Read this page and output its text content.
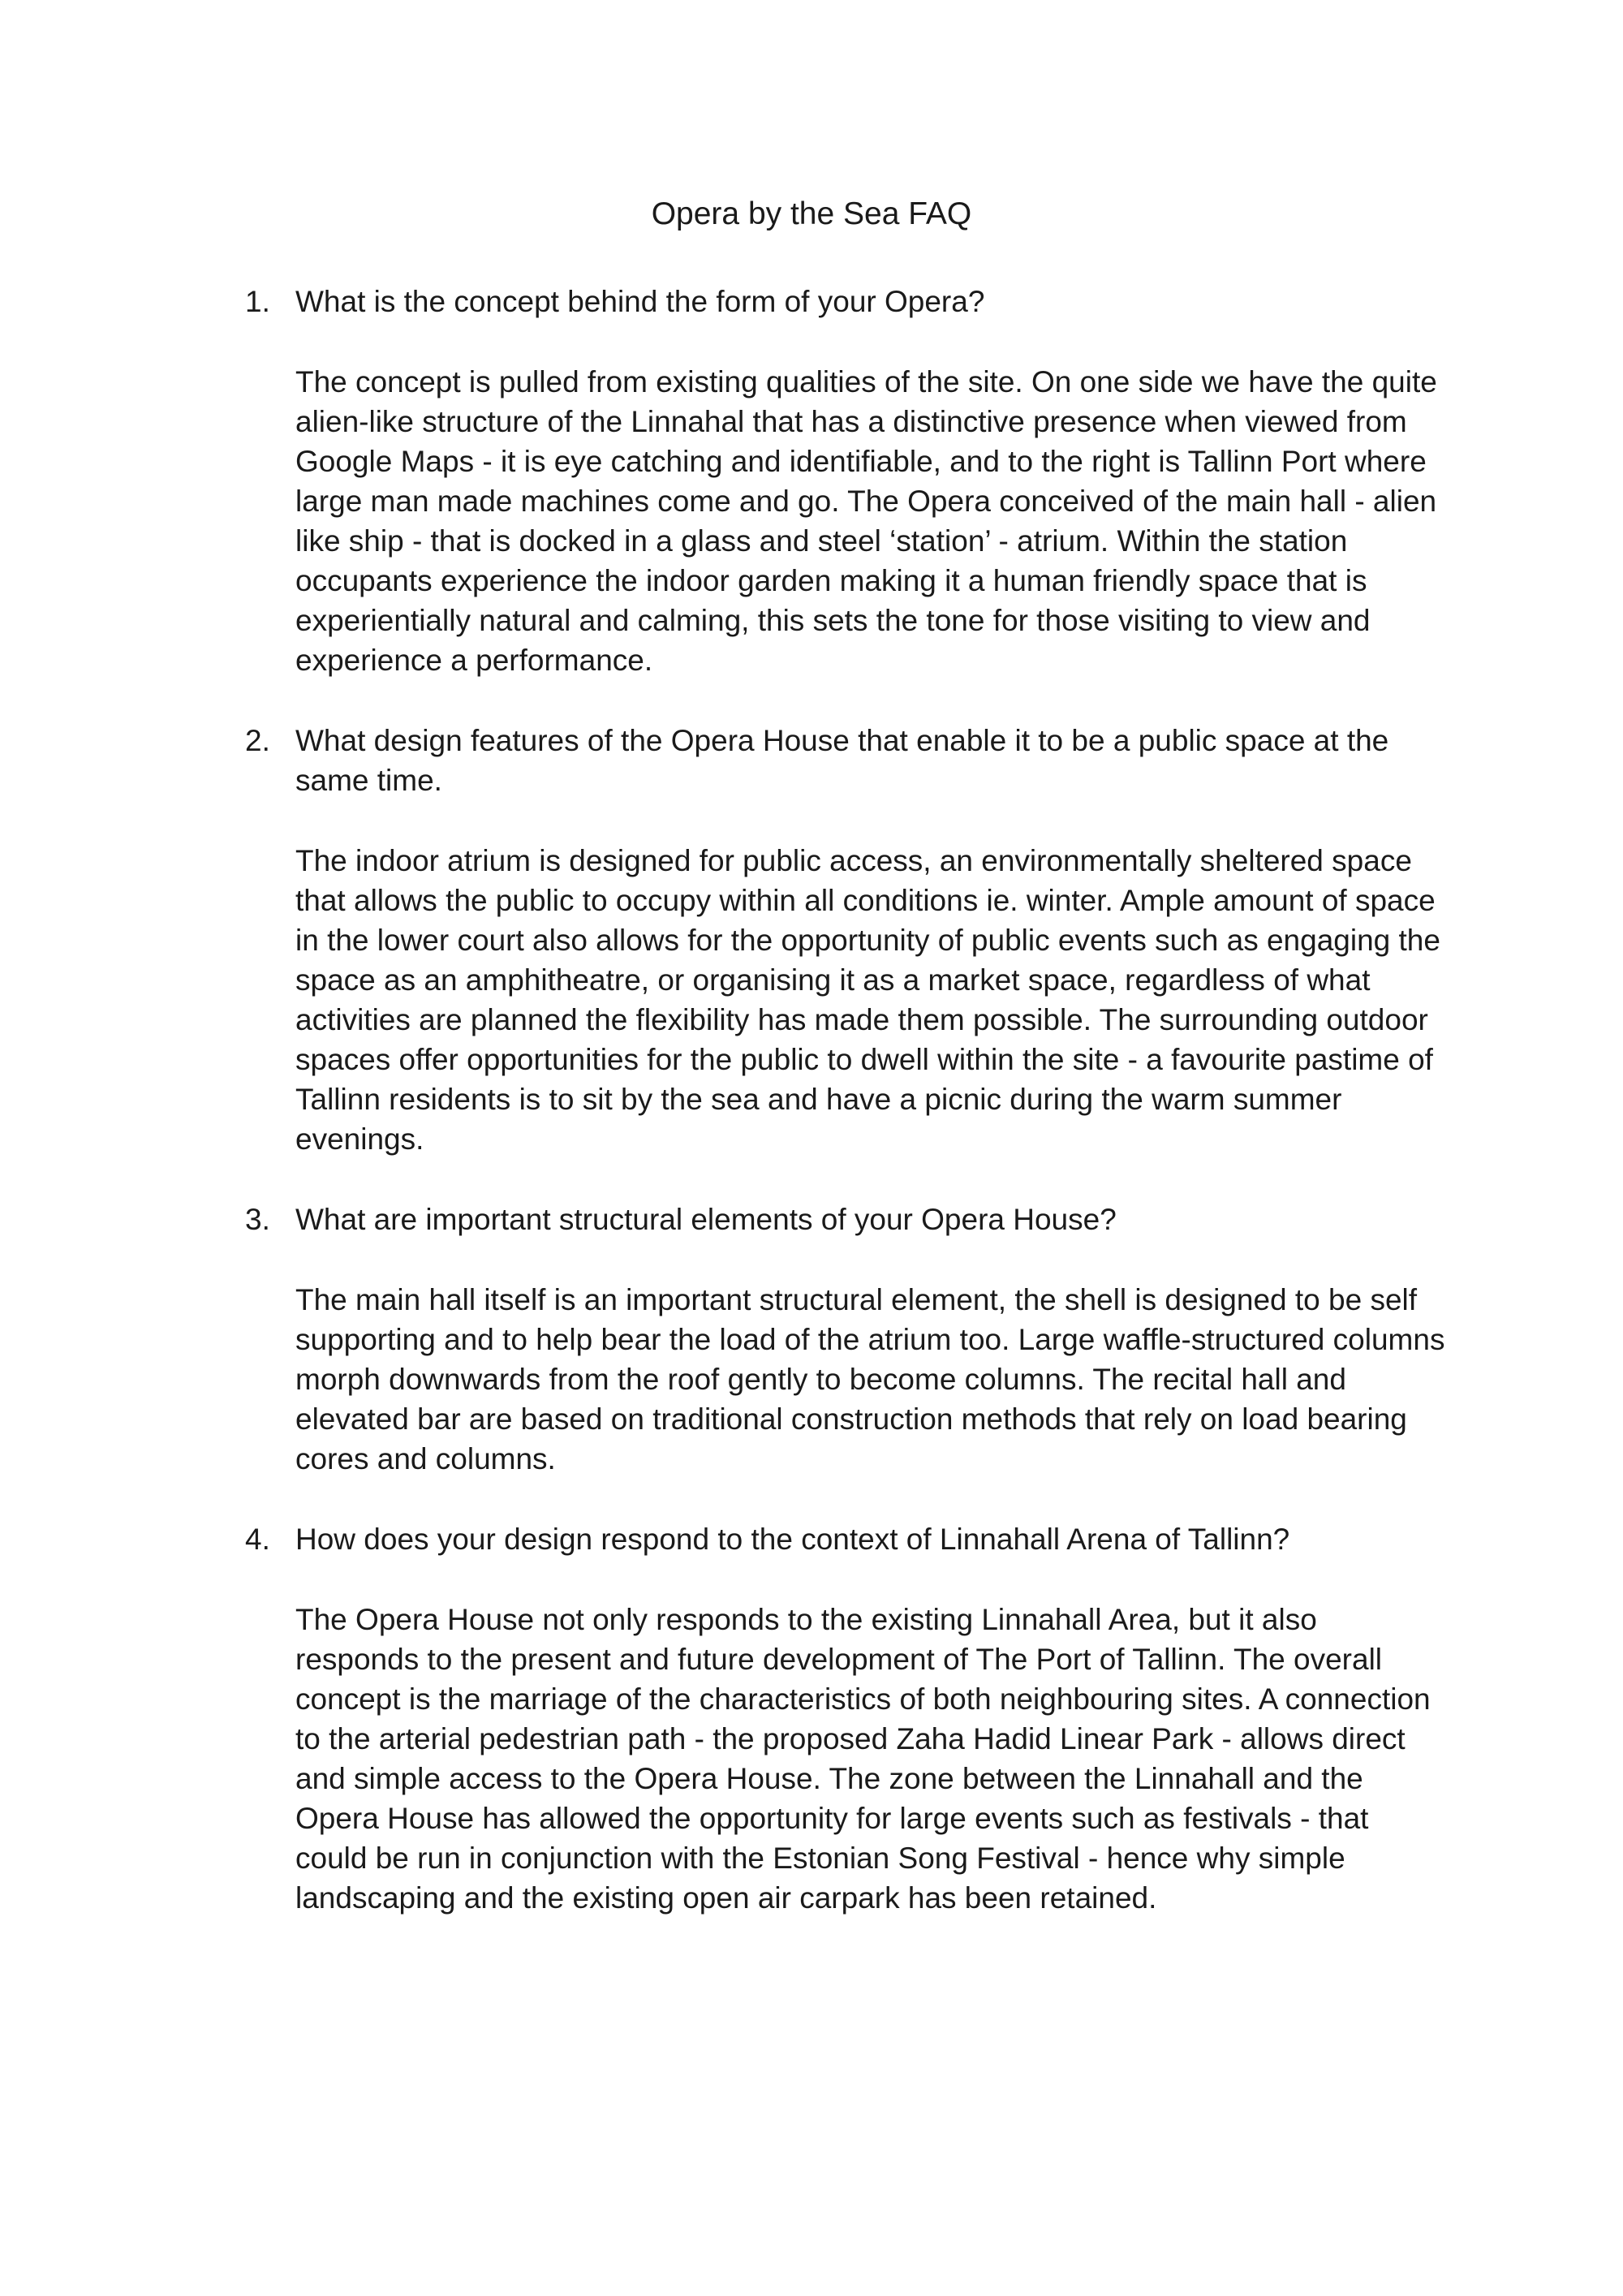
Opera by the Sea FAQ
1. What is the concept behind the form of your Opera?

The concept is pulled from existing qualities of the site. On one side we have the quite alien-like structure of the Linnahal that has a distinctive presence when viewed from Google Maps - it is eye catching and identifiable, and to the right is Tallinn Port where large man made machines come and go. The Opera conceived of the main hall - alien like ship - that is docked in a glass and steel ‘station’ - atrium. Within the station occupants experience the indoor garden making it a human friendly space that is experientially natural and calming, this sets the tone for those visiting to view and experience a performance.

2. What design features of the Opera House that enable it to be a public space at the same time.

The indoor atrium is designed for public access, an environmentally sheltered space that allows the public to occupy within all conditions ie. winter. Ample amount of space in the lower court also allows for the opportunity of public events such as engaging the space as an amphitheatre, or organising it as a market space, regardless of what activities are planned the flexibility has made them possible. The surrounding outdoor spaces offer opportunities for the public to dwell within the site - a favourite pastime of Tallinn residents is to sit by the sea and have a picnic during the warm summer evenings.

3. What are important structural elements of your Opera House?

The main hall itself is an important structural element, the shell is designed to be self supporting and to help bear the load of the atrium too. Large waffle-structured columns morph downwards from the roof gently to become columns. The recital hall and elevated bar are based on traditional construction methods that rely on load bearing cores and columns.

4. How does your design respond to the context of Linnahall Arena of Tallinn?

The Opera House not only responds to the existing Linnahall Area, but it also responds to the present and future development of The Port of Tallinn. The overall concept is the marriage of the characteristics of both neighbouring sites. A connection to the arterial pedestrian path - the proposed Zaha Hadid Linear Park - allows direct and simple access to the Opera House. The zone between the Linnahall and the Opera House has allowed the opportunity for large events such as festivals - that could be run in conjunction with the Estonian Song Festival - hence why simple landscaping and the existing open air carpark has been retained.
